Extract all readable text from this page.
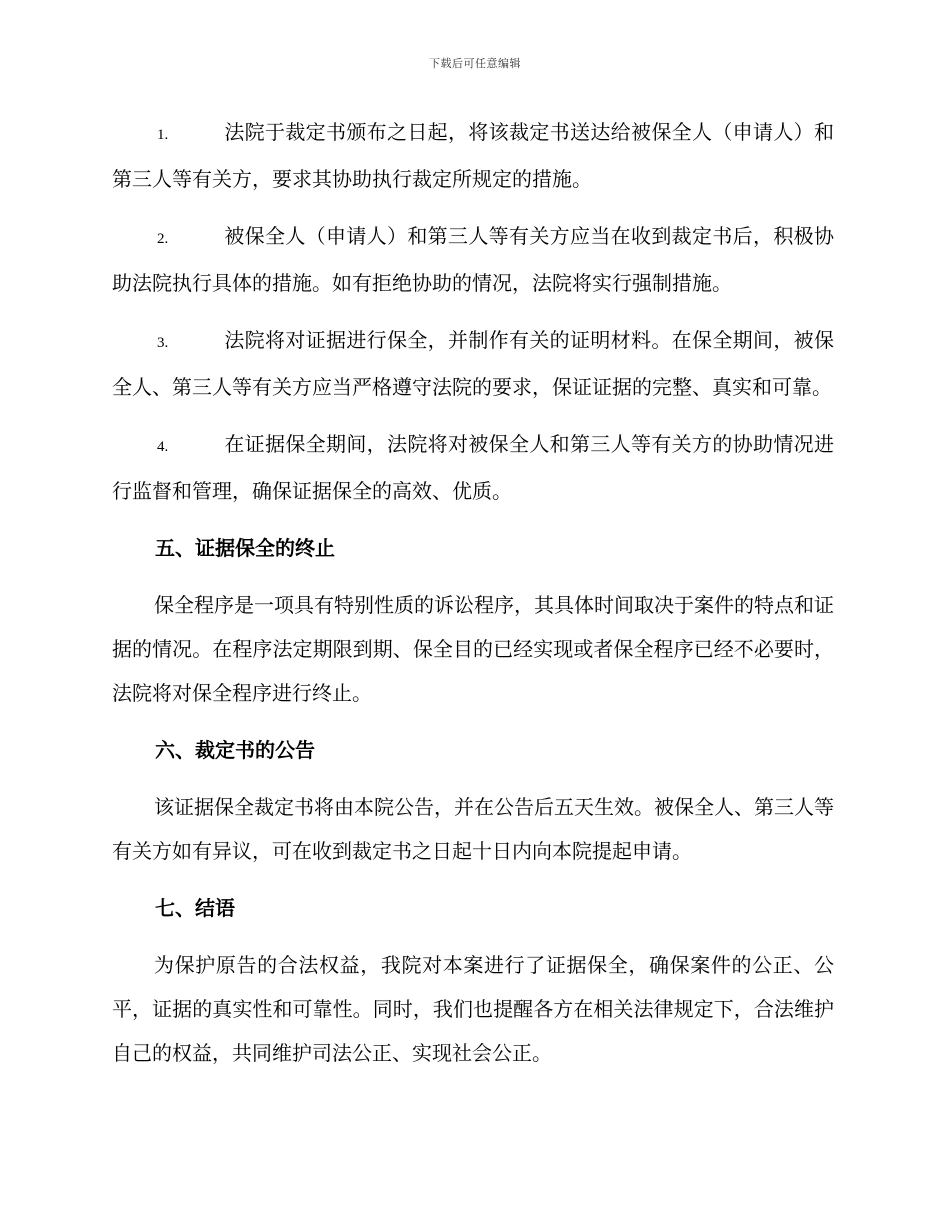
下载后可任意编辑

1.	法院于裁定书颁布之日起，将该裁定书送达给被保全人（申请人）和第三人等有关方，要求其协助执行裁定所规定的措施。

2.	被保全人（申请人）和第三人等有关方应当在收到裁定书后，积极协助法院执行具体的措施。如有拒绝协助的情况，法院将实行强制措施。

3.	法院将对证据进行保全，并制作有关的证明材料。在保全期间，被保全人、第三人等有关方应当严格遵守法院的要求，保证证据的完整、真实和可靠。

4.	在证据保全期间，法院将对被保全人和第三人等有关方的协助情况进行监督和管理，确保证据保全的高效、优质。

五、证据保全的终止

保全程序是一项具有特别性质的诉讼程序，其具体时间取决于案件的特点和证据的情况。在程序法定期限到期、保全目的已经实现或者保全程序已经不必要时，法院将对保全程序进行终止。

六、裁定书的公告

该证据保全裁定书将由本院公告，并在公告后五天生效。被保全人、第三人等有关方如有异议，可在收到裁定书之日起十日内向本院提起申请。

七、结语

为保护原告的合法权益，我院对本案进行了证据保全，确保案件的公正、公平，证据的真实性和可靠性。同时，我们也提醒各方在相关法律规定下，合法维护自己的权益，共同维护司法公正、实现社会公正。
